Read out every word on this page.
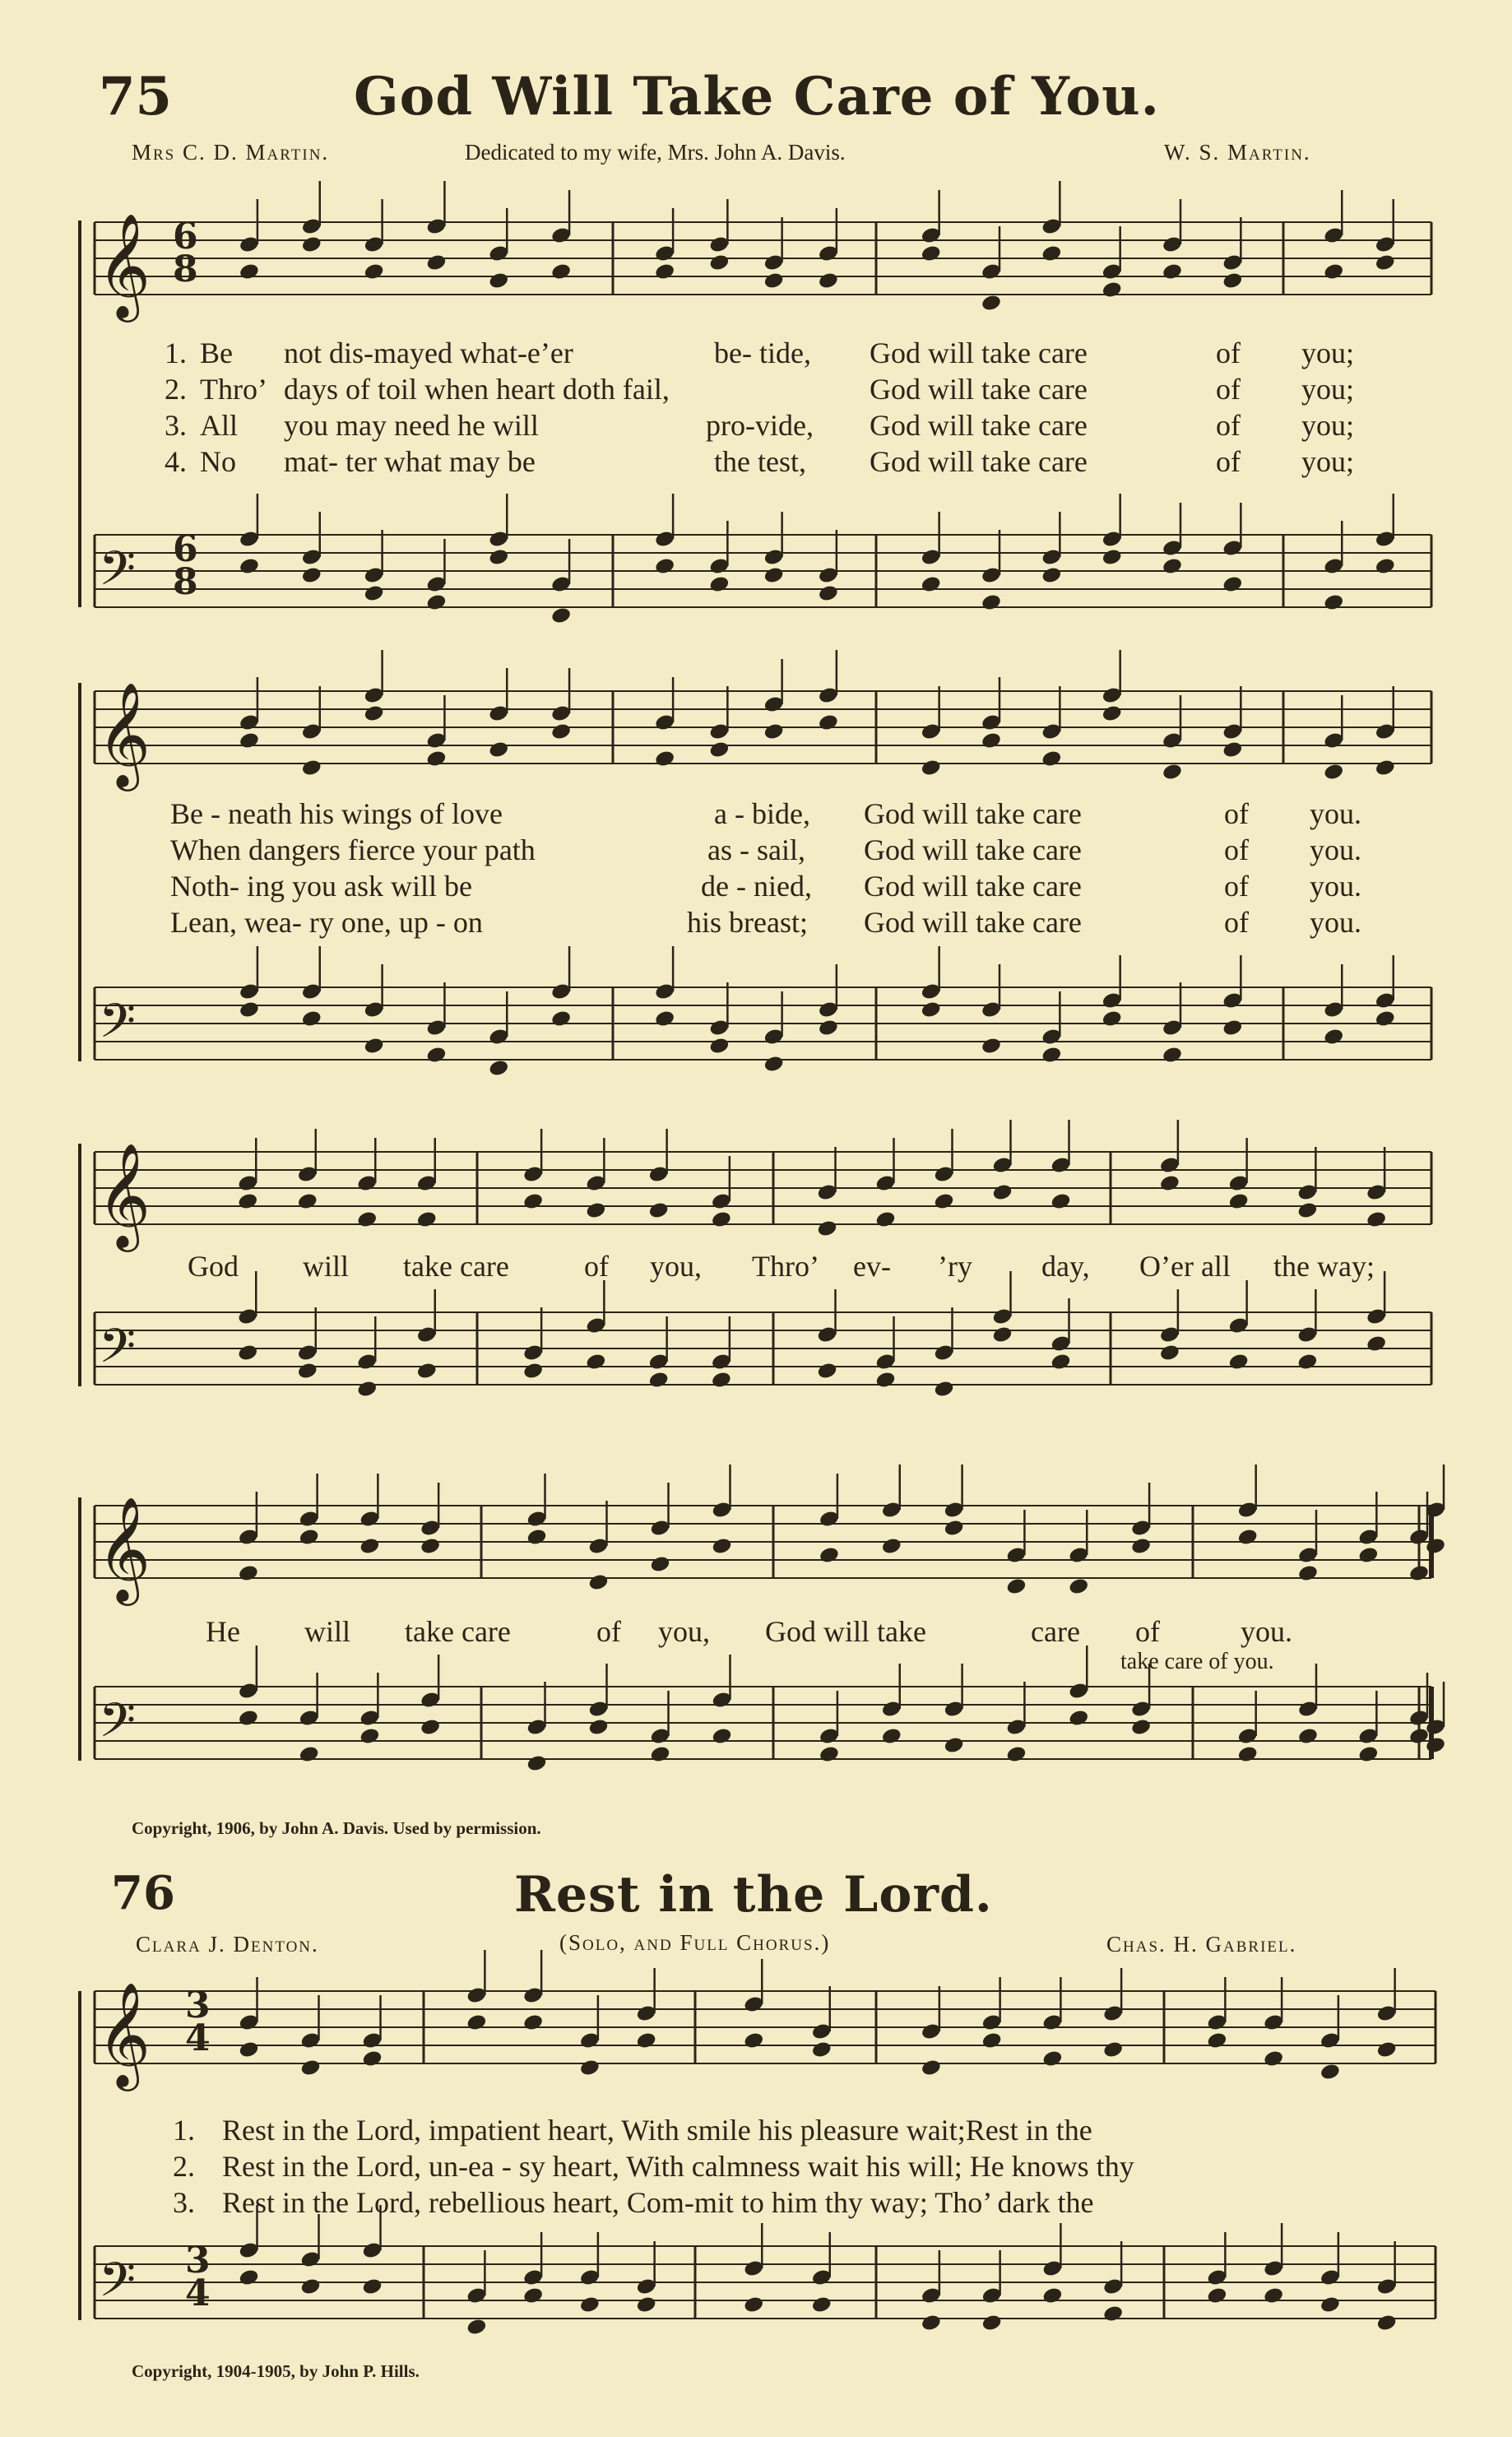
75	God Will Take Care of You.
Mrs C. D. Martin.	Dedicated to my wife, Mrs. John A. Davis.	W. S. Martin.
𝄞 6
8
1. Be not dis-mayed what-e’er	be- tide, God will take care	of you;
2. Thro’ days of toil when heart doth fail,	God will take care	of you;
3. All you may need he will	pro-vide, God will take care	of you;
4. No mat- ter what may be	the test, God will take care	of you;
𝄢 6
8
𝄞
Be - neath his wings of love	a - bide, God will take care	of you.
When dangers fierce your path	as - sail, God will take care	of you.
Noth- ing you ask will be	de - nied, God will take care	of you.
Lean, wea- ry one, up - on	his breast; God will take care	of you.
𝄢
𝄞
God will take care	of you, Thro’ ev- ’ry day, O’er all the way;
𝄢
𝄞
He will take care	of you, God will take	care of	you.
take care of you.
𝄢
Copyright, 1906, by John A. Davis. Used by permission.
76	Rest in the Lord.
Clara J. Denton.	(Solo, and Full Chorus.)	Chas. H. Gabriel.
𝄞 3
4
1. Rest in the Lord, impatient heart, With smile his pleasure wait;Rest in the
2. Rest in the Lord, un-ea - sy heart, With calmness wait his will; He knows thy
3. Rest in the Lord, rebellious heart, Com-mit to him thy way; Tho’ dark the
𝄢 3
4
Copyright, 1904-1905, by John P. Hills.
